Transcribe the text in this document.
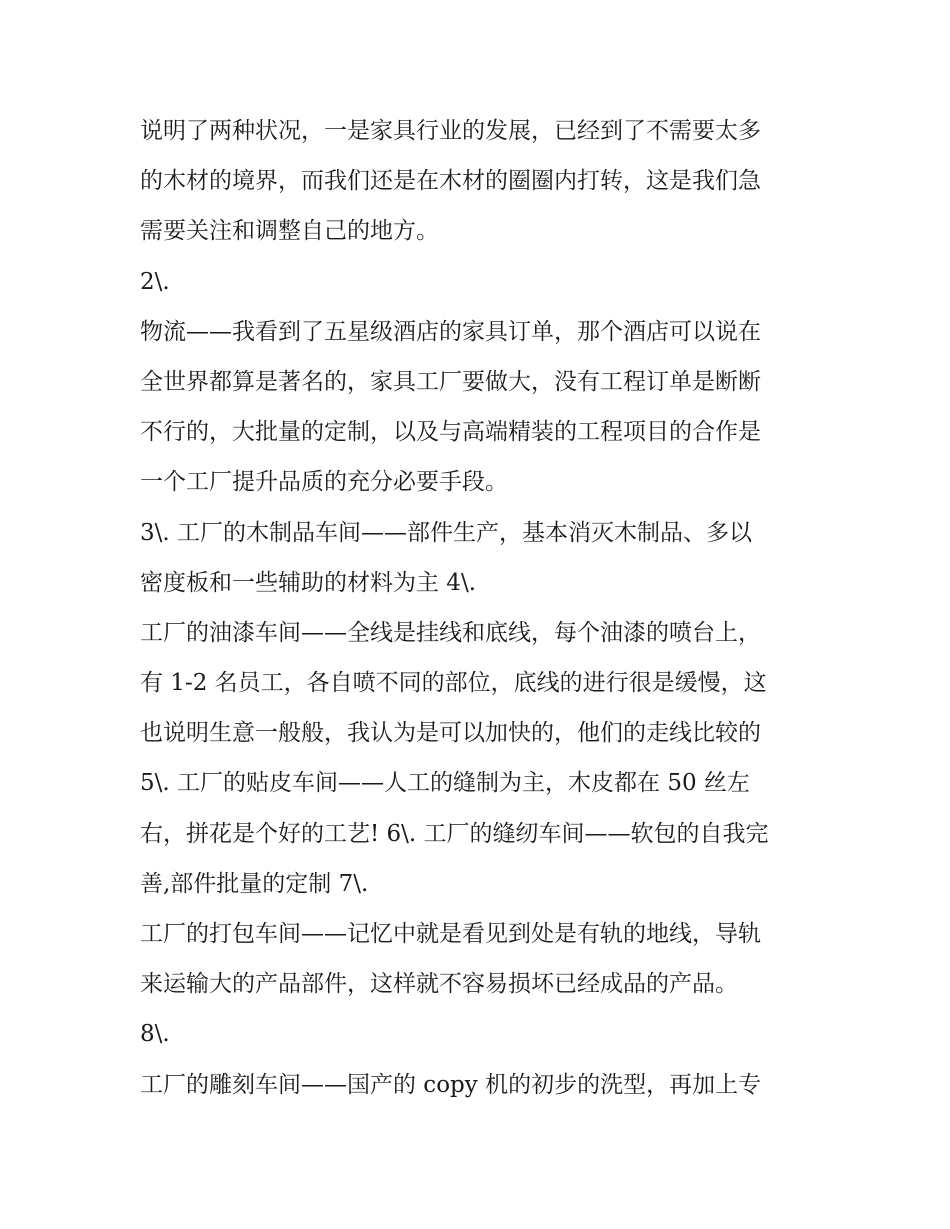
说明了两种状况，一是家具行业的发展，已经到了不需要太多
的木材的境界，而我们还是在木材的圈圈内打转，这是我们急
需要关注和调整自己的地方。
2\.
物流——我看到了五星级酒店的家具订单，那个酒店可以说在
全世界都算是著名的，家具工厂要做大，没有工程订单是断断
不行的，大批量的定制，以及与高端精装的工程项目的合作是
一个工厂提升品质的充分必要手段。
3\. 工厂的木制品车间——部件生产，基本消灭木制品、多以
密度板和一些辅助的材料为主 4\.
工厂的油漆车间——全线是挂线和底线，每个油漆的喷台上，
有 1-2 名员工，各自喷不同的部位，底线的进行很是缓慢，这
也说明生意一般般，我认为是可以加快的，他们的走线比较的
5\. 工厂的贴皮车间——人工的缝制为主，木皮都在 50 丝左
右，拼花是个好的工艺! 6\. 工厂的缝纫车间——软包的自我完
善,部件批量的定制 7\.
工厂的打包车间——记忆中就是看见到处是有轨的地线，导轨
来运输大的产品部件，这样就不容易损坏已经成品的产品。
8\.
工厂的雕刻车间——国产的 copy 机的初步的洗型，再加上专
